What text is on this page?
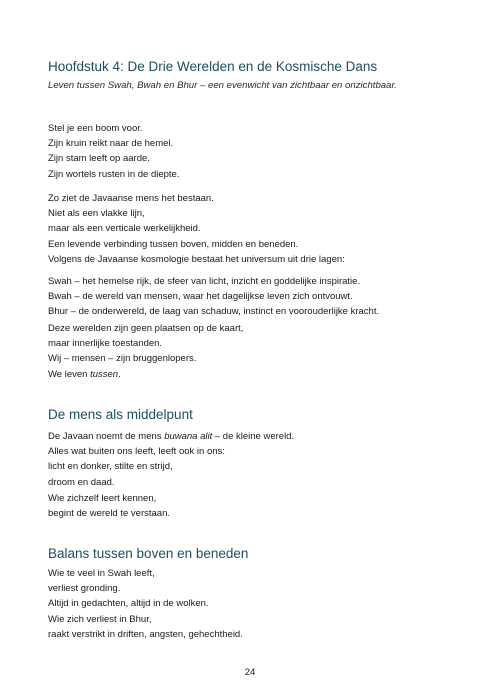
Hoofdstuk 4: De Drie Werelden en de Kosmische Dans
Leven tussen Swah, Bwah en Bhur – een evenwicht van zichtbaar en onzichtbaar.
Stel je een boom voor.
Zijn kruin reikt naar de hemel.
Zijn stam leeft op aarde.
Zijn wortels rusten in de diepte.
Zo ziet de Javaanse mens het bestaan.
Niet als een vlakke lijn,
maar als een verticale werkelijkheid.
Een levende verbinding tussen boven, midden en beneden.
Volgens de Javaanse kosmologie bestaat het universum uit drie lagen:
Swah – het hemelse rijk, de sfeer van licht, inzicht en goddelijke inspiratie.
Bwah – de wereld van mensen, waar het dagelijkse leven zich ontvouwt.
Bhur – de onderwereld, de laag van schaduw, instinct en voorouderlijke kracht.
Deze werelden zijn geen plaatsen op de kaart,
maar innerlijke toestanden.
Wij – mensen – zijn bruggenlopers.
We leven tussen.
De mens als middelpunt
De Javaan noemt de mens buwana alit – de kleine wereld.
Alles wat buiten ons leeft, leeft ook in ons:
licht en donker, stilte en strijd,
droom en daad.
Wie zichzelf leert kennen,
begint de wereld te verstaan.
Balans tussen boven en beneden
Wie te veel in Swah leeft,
verliest gronding.
Altijd in gedachten, altijd in de wolken.
Wie zich verliest in Bhur,
raakt verstrikt in driften, angsten, gehechtheid.
24
